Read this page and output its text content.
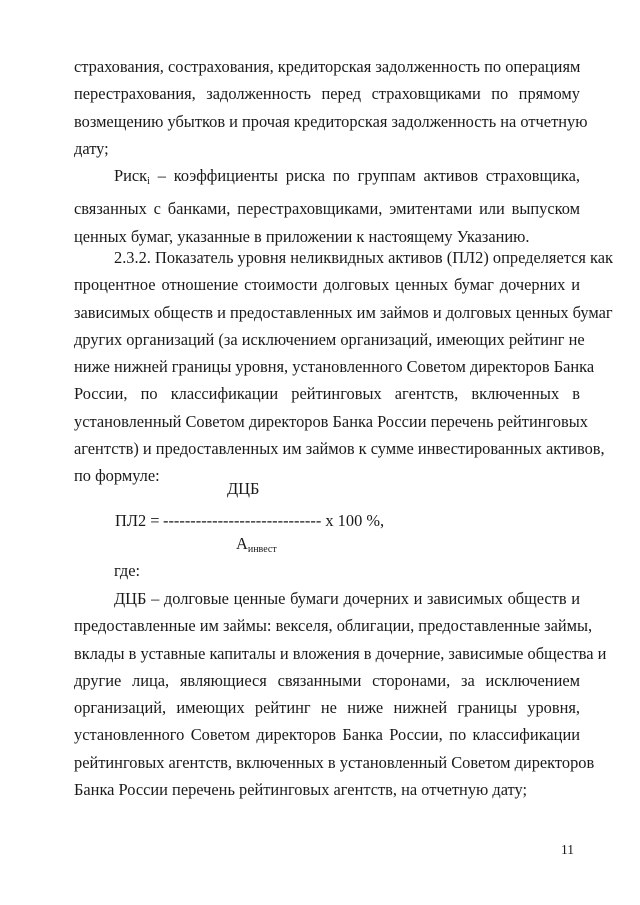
страхования, сострахования, кредиторская задолженность по операциям
перестрахования, задолженность перед страховщиками по прямому
возмещению убытков и прочая кредиторская задолженность на отчетную
дату;
Риск$_i$ – коэффициенты риска по группам активов страховщика,
связанных с банками, перестраховщиками, эмитентами или выпуском
ценных бумаг, указанные в приложении к настоящему Указанию.
2.3.2. Показатель уровня неликвидных активов (ПЛ2) определяется как
процентное отношение стоимости долговых ценных бумаг дочерних и
зависимых обществ и предоставленных им займов и долговых ценных бумаг
других организаций (за исключением организаций, имеющих рейтинг не
ниже нижней границы уровня, установленного Советом директоров Банка
России, по классификации рейтинговых агентств, включенных в
установленный Советом директоров Банка России перечень рейтинговых
агентств) и предоставленных им займов к сумме инвестированных активов,
по формуле:
ДЦБ
ПЛ2 = ----------------------------- x 100 %,
$А_{инвест}$
где:
ДЦБ – долговые ценные бумаги дочерних и зависимых обществ и
предоставленные им займы: векселя, облигации, предоставленные займы,
вклады в уставные капиталы и вложения в дочерние, зависимые общества и
другие лица, являющиеся связанными сторонами, за исключением
организаций, имеющих рейтинг не ниже нижней границы уровня,
установленного Советом директоров Банка России, по классификации
рейтинговых агентств, включенных в установленный Советом директоров
Банка России перечень рейтинговых агентств, на отчетную дату;
11
